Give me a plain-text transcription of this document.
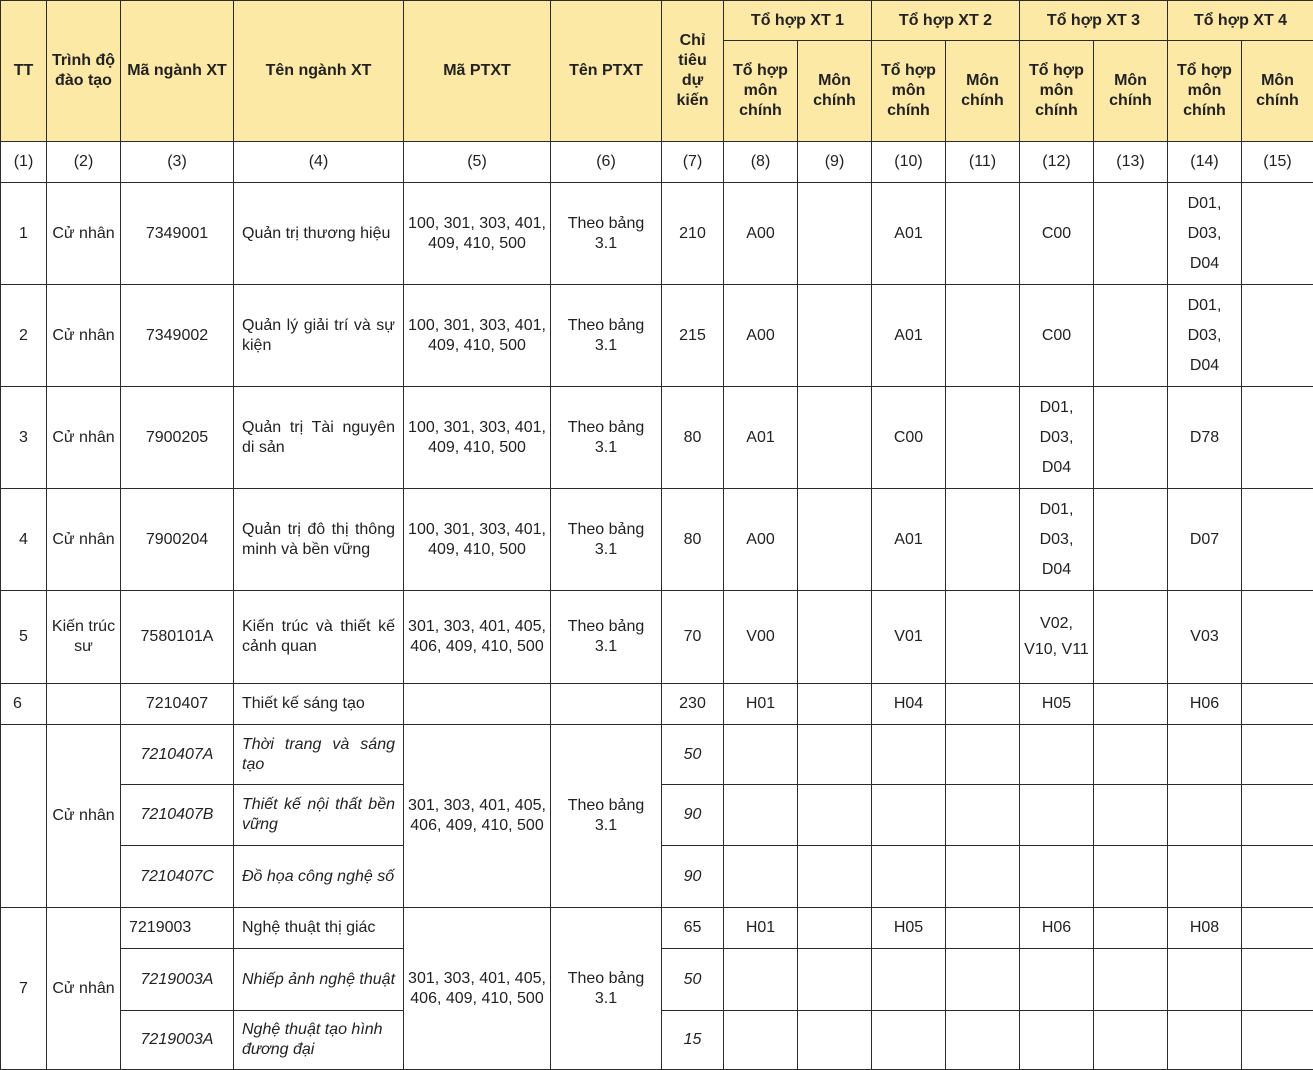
TT	Trình độ đào tạo	Mã ngành XT	Tên ngành XT	Mã PTXT	Tên PTXT	Chỉ tiêu dự kiến	Tổ hợp XT 1		Tổ hợp XT 2		Tổ hợp XT 3		Tổ hợp XT 4	
							Tổ hợp môn chính	Môn chính	Tổ hợp môn chính	Môn chính	Tổ hợp môn chính	Môn chính	Tổ hợp môn chính	Môn chính
(1)	(2)	(3)	(4)	(5)	(6)	(7)	(8)	(9)	(10)	(11)	(12)	(13)	(14)	(15)
1	Cử nhân	7349001	Quản trị thương hiệu	100, 301, 303, 401, 409, 410, 500	Theo bảng 3.1	210	A00		A01		C00		D01, D03, D04	
2	Cử nhân	7349002	Quản lý giải trí và sự kiện	100, 301, 303, 401, 409, 410, 500	Theo bảng 3.1	215	A00		A01		C00		D01, D03, D04	
3	Cử nhân	7900205	Quản trị Tài nguyên di sản	100, 301, 303, 401, 409, 410, 500	Theo bảng 3.1	80	A01		C00		D01, D03, D04		D78	
4	Cử nhân	7900204	Quản trị đô thị thông minh và bền vững	100, 301, 303, 401, 409, 410, 500	Theo bảng 3.1	80	A00		A01		D01, D03, D04		D07	
5	Kiến trúc sư	7580101A	Kiến trúc và thiết kế cảnh quan	301, 303, 401, 405, 406, 409, 410, 500	Theo bảng 3.1	70	V00		V01		V02, V10, V11		V03	
6		7210407	Thiết kế sáng tạo			230	H01		H04		H05		H06	
	Cử nhân	7210407A	Thời trang và sáng tạo	301, 303, 401, 405, 406, 409, 410, 500	Theo bảng 3.1	50								
		7210407B	Thiết kế nội thất bền vững			90								
		7210407C	Đồ họa công nghệ số			90								
7	Cử nhân	7219003	Nghệ thuật thị giác	301, 303, 401, 405, 406, 409, 410, 500	Theo bảng 3.1	65	H01		H05		H06		H08	
		7219003A	Nhiếp ảnh nghệ thuật			50								
		7219003A	Nghệ thuật tạo hình đương đại			15								
